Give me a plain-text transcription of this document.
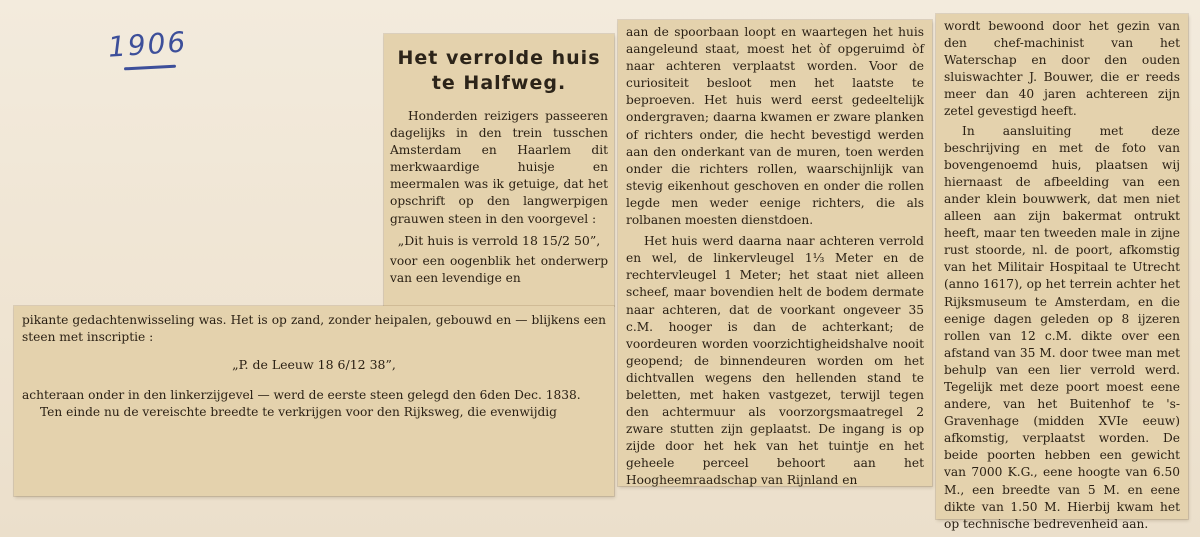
1906	Het verrolde huis
te Halfweg.

Honderden reizigers passeeren dagelijks in den trein tusschen Amsterdam en Haarlem dit merkwaardige huisje en meermalen was ik getuige, dat het opschrift op den langwerpigen grauwen steen in den voorgevel :

„Dit huis is verrold 18 15/2 50”,

voor een oogenblik het onderwerp van een levendige en

pikante gedachtenwisseling was. Het is op zand, zonder heipalen, gebouwd en — blijkens een steen met inscriptie :

„P. de Leeuw 18 6/12 38”,

achteraan onder in den linkerzijgevel — werd de eerste steen gelegd den 6den Dec. 1838.

Ten einde nu de vereischte breedte te verkrijgen voor den Rijksweg, die evenwijdig

aan de spoorbaan loopt en waartegen het huis aangeleund staat, moest het òf opgeruimd òf naar achteren verplaatst worden. Voor de curiositeit besloot men het laatste te beproeven. Het huis werd eerst gedeeltelijk ondergraven; daarna kwamen er zware planken of richters onder, die hecht bevestigd werden aan den onderkant van de muren, toen werden onder die richters rollen, waarschijnlijk van stevig eikenhout geschoven en onder die rollen legde men weder eenige richters, die als rolbanen moesten dienstdoen.

Het huis werd daarna naar achteren verrold en wel, de linkervleugel 1⅓ Meter en de rechtervleugel 1 Meter; het staat niet alleen scheef, maar bovendien helt de bodem dermate naar achteren, dat de voorkant ongeveer 35 c.M. hooger is dan de achterkant; de voordeuren worden voorzichtigheidshalve nooit geopend; de binnendeuren worden om het dichtvallen wegens den hellenden stand te beletten, met haken vastgezet, terwijl tegen den achtermuur als voorzorgsmaatregel 2 zware stutten zijn geplaatst. De ingang is op zijde door het hek van het tuintje en het geheele perceel behoort aan het Hoogheemraadschap van Rijnland en

wordt bewoond door het gezin van den chef-machinist van het Waterschap en door den ouden sluiswachter J. Bouwer, die er reeds meer dan 40 jaren achtereen zijn zetel gevestigd heeft.

In aansluiting met deze beschrijving en met de foto van bovengenoemd huis, plaatsen wij hiernaast de afbeelding van een ander klein bouwwerk, dat men niet alleen aan zijn bakermat ontrukt heeft, maar ten tweeden male in zijne rust stoorde, nl. de poort, afkomstig van het Militair Hospitaal te Utrecht (anno 1617), op het terrein achter het Rijksmuseum te Amsterdam, en die eenige dagen geleden op 8 ijzeren rollen van 12 c.M. dikte over een afstand van 35 M. door twee man met behulp van een lier verrold werd. Tegelijk met deze poort moest eene andere, van het Buitenhof te 's-Gravenhage (midden XVIe eeuw) afkomstig, verplaatst worden. De beide poorten hebben een gewicht van 7000 K.G., eene hoogte van 6.50 M., een breedte van 5 M. en eene dikte van 1.50 M. Hierbij kwam het op technische bedrevenheid aan.
